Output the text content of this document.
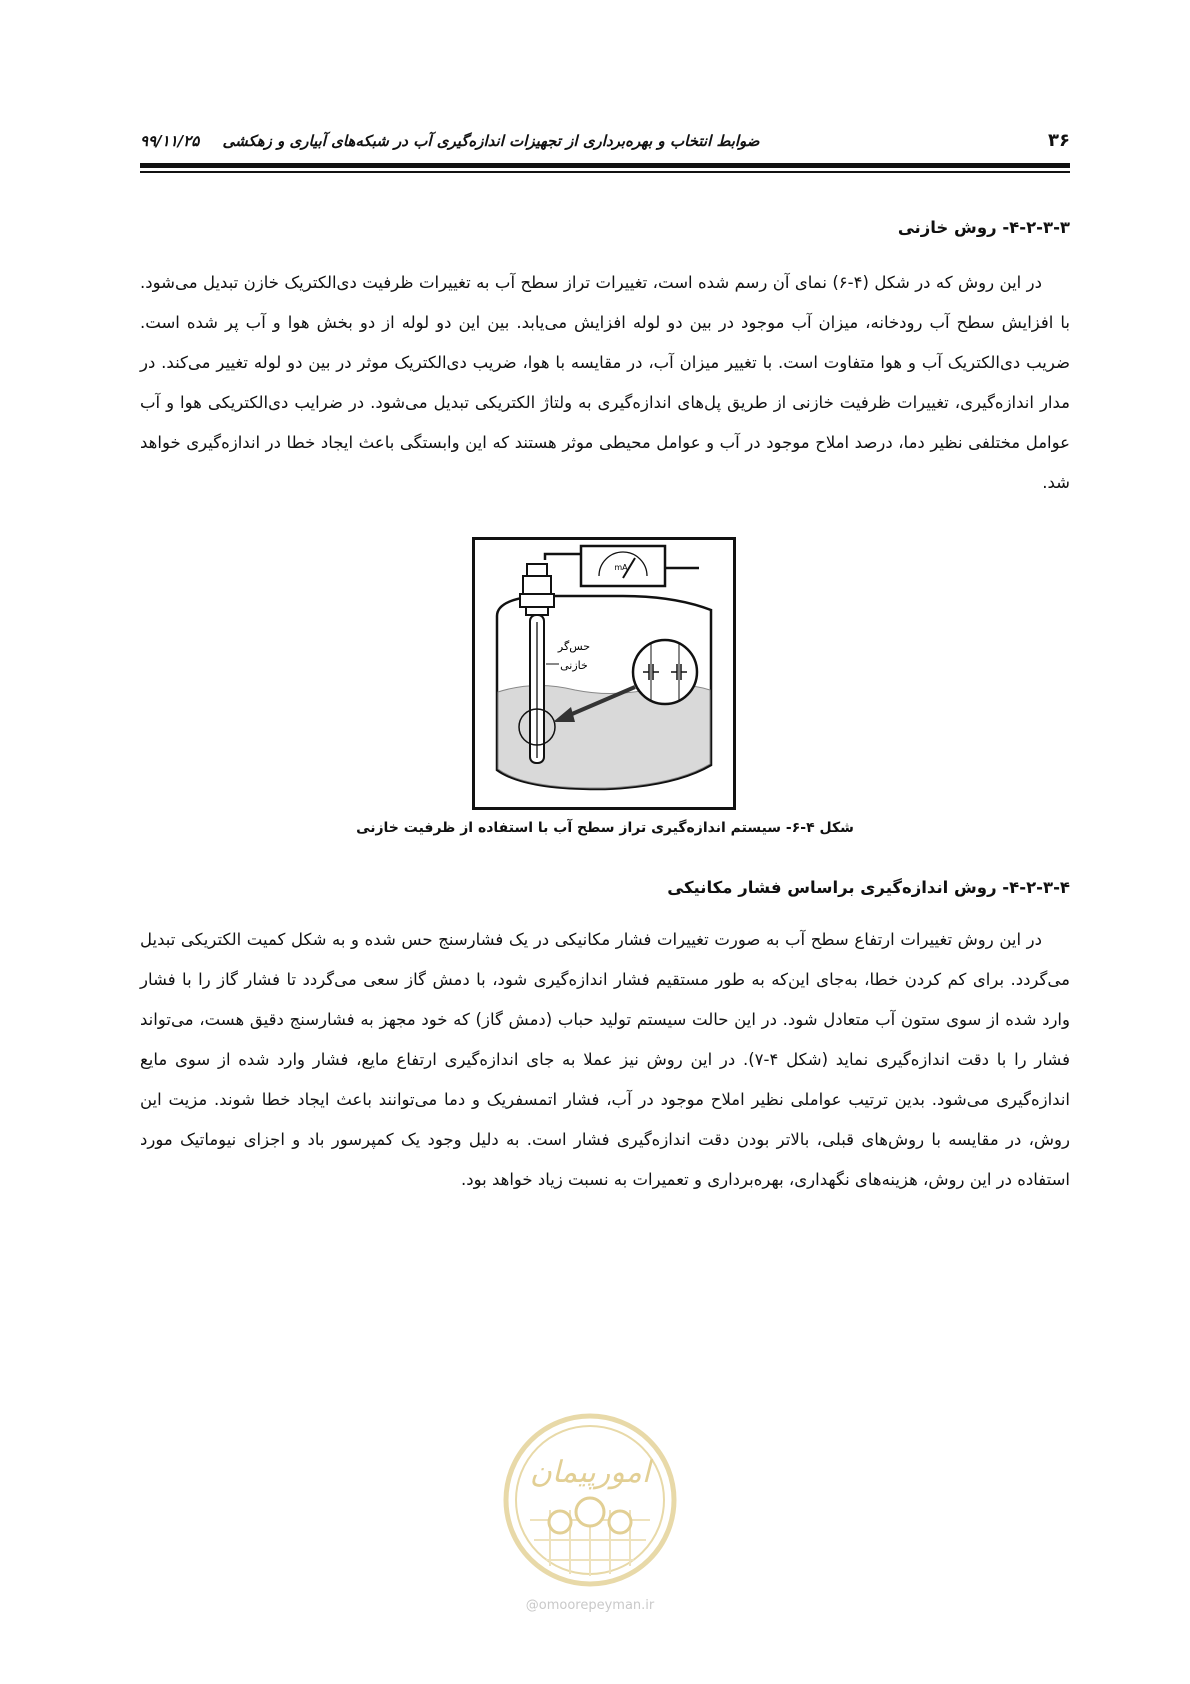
۳۶
ضوابط انتخاب و بهره‌برداری از تجهیزات اندازه‌گیری آب در شبکه‌های آبیاری و زهکشی ۹۹/۱۱/۲۵
۴-۲-۳-۳- روش خازنی

در این روش که در شکل (۴-۶) نمای آن رسم شده است، تغییرات تراز سطح آب به تغییرات ظرفیت دی‌الکتریک خازن تبدیل می‌شود. با افزایش سطح آب رودخانه، میزان آب موجود در بین دو لوله افزایش می‌یابد. بین این دو لوله از دو بخش هوا و آب پر شده است. ضریب دی‌الکتریک آب و هوا متفاوت است. با تغییر میزان آب، در مقایسه با هوا، ضریب دی‌الکتریک موثر در بین دو لوله تغییر می‌کند. در مدار اندازه‌گیری، تغییرات ظرفیت خازنی از طریق پل‌های اندازه‌گیری به ولتاژ الکتریکی تبدیل می‌شود. در ضرایب دی‌الکتریکی هوا و آب عوامل مختلفی نظیر دما، درصد املاح موجود در آب و عوامل محیطی موثر هستند که این وابستگی باعث ایجاد خطا در اندازه‌گیری خواهد شد.

mA
حس‌گر
خازنی
شکل ۴-۶- سیستم اندازه‌گیری تراز سطح آب با استفاده از ظرفیت خازنی
۴-۲-۳-۴- روش اندازه‌گیری براساس فشار مکانیکی

در این روش تغییرات ارتفاع سطح آب به صورت تغییرات فشار مکانیکی در یک فشارسنج حس شده و به شکل کمیت الکتریکی تبدیل می‌گردد. برای کم کردن خطا، به‌جای این‌که به طور مستقیم فشار اندازه‌گیری شود، با دمش گاز سعی می‌گردد تا فشار گاز را با فشار وارد شده از سوی ستون آب متعادل شود. در این حالت سیستم تولید حباب (دمش گاز) که خود مجهز به فشارسنج دقیق هست، می‌تواند فشار را با دقت اندازه‌گیری نماید (شکل ۴-۷). در این روش نیز عملا به جای اندازه‌گیری ارتفاع مایع، فشار وارد شده از سوی مایع اندازه‌گیری می‌شود. بدین ترتیب عواملی نظیر املاح موجود در آب، فشار اتمسفریک و دما می‌توانند باعث ایجاد خطا شوند. مزیت این روش، در مقایسه با روش‌های قبلی، بالاتر بودن دقت اندازه‌گیری فشار است. به دلیل وجود یک کمپرسور باد و اجزای نیوماتیک مورد استفاده در این روش، هزینه‌های نگهداری، بهره‌برداری و تعمیرات به نسبت زیاد خواهد بود.

امورپیمان
@omoorepeyman.ir
